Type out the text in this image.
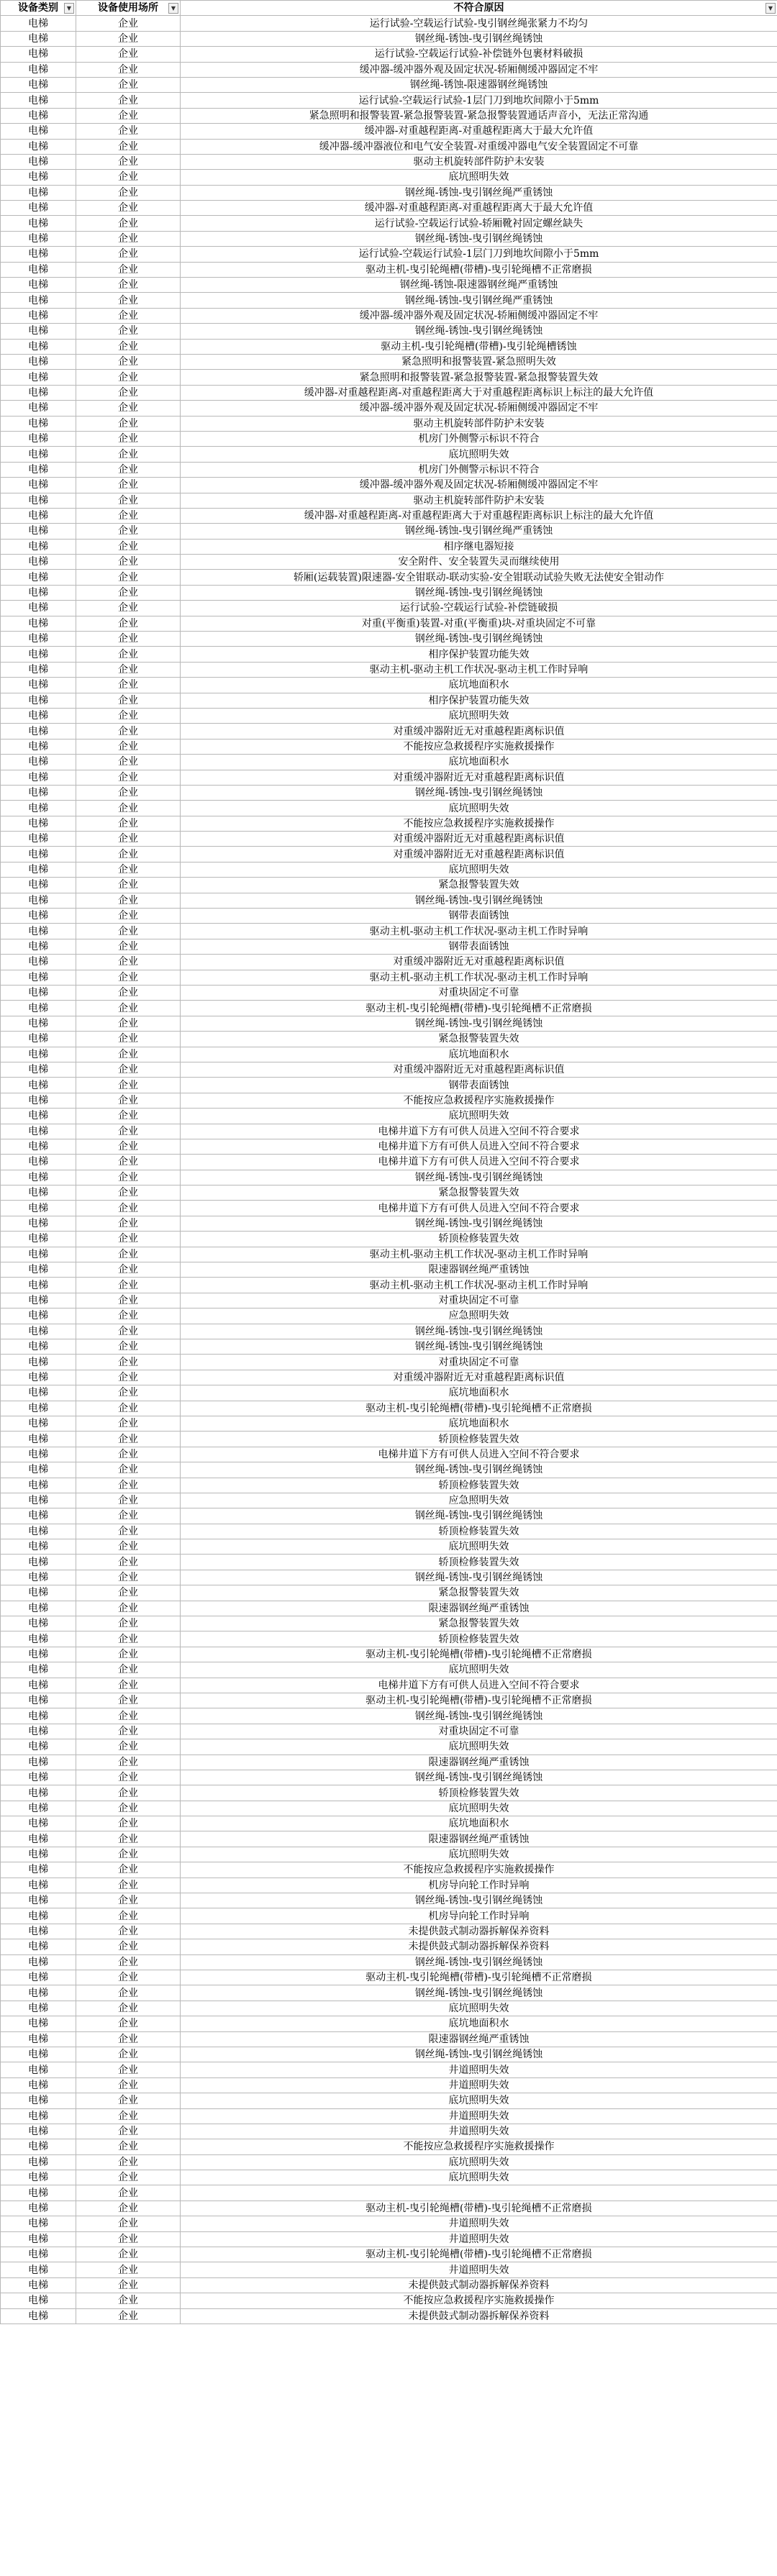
设备类别 ▼	设备使用场所 ▼	不符合原因 ▼

电梯	企业	运行试验-空载运行试验-曳引钢丝绳张紧力不均匀
电梯	企业	钢丝绳-锈蚀-曳引钢丝绳锈蚀
电梯	企业	运行试验-空载运行试验-补偿链外包裹材料破损
电梯	企业	缓冲器-缓冲器外观及固定状况-轿厢侧缓冲器固定不牢
电梯	企业	钢丝绳-锈蚀-限速器钢丝绳锈蚀
电梯	企业	运行试验-空载运行试验-1层门刀到地坎间隙小于5mm
电梯	企业	紧急照明和报警装置-紧急报警装置-紧急报警装置通话声音小，无法正常沟通
电梯	企业	缓冲器-对重越程距离-对重越程距离大于最大允许值
电梯	企业	缓冲器-缓冲器液位和电气安全装置-对重缓冲器电气安全装置固定不可靠
电梯	企业	驱动主机旋转部件防护未安装
电梯	企业	底坑照明失效
电梯	企业	钢丝绳-锈蚀-曳引钢丝绳严重锈蚀
电梯	企业	缓冲器-对重越程距离-对重越程距离大于最大允许值
电梯	企业	运行试验-空载运行试验-轿厢靴衬固定螺丝缺失
电梯	企业	钢丝绳-锈蚀-曳引钢丝绳锈蚀
电梯	企业	运行试验-空载运行试验-1层门刀到地坎间隙小于5mm
电梯	企业	驱动主机-曳引轮绳槽(带槽)-曳引轮绳槽不正常磨损
电梯	企业	钢丝绳-锈蚀-限速器钢丝绳严重锈蚀
电梯	企业	钢丝绳-锈蚀-曳引钢丝绳严重锈蚀
电梯	企业	缓冲器-缓冲器外观及固定状况-轿厢侧缓冲器固定不牢
电梯	企业	钢丝绳-锈蚀-曳引钢丝绳锈蚀
电梯	企业	驱动主机-曳引轮绳槽(带槽)-曳引轮绳槽锈蚀
电梯	企业	紧急照明和报警装置-紧急照明失效
电梯	企业	紧急照明和报警装置-紧急报警装置-紧急报警装置失效
电梯	企业	缓冲器-对重越程距离-对重越程距离大于对重越程距离标识上标注的最大允许值
电梯	企业	缓冲器-缓冲器外观及固定状况-轿厢侧缓冲器固定不牢
电梯	企业	驱动主机旋转部件防护未安装
电梯	企业	机房门外侧警示标识不符合
电梯	企业	底坑照明失效
电梯	企业	机房门外侧警示标识不符合
电梯	企业	缓冲器-缓冲器外观及固定状况-轿厢侧缓冲器固定不牢
电梯	企业	驱动主机旋转部件防护未安装
电梯	企业	缓冲器-对重越程距离-对重越程距离大于对重越程距离标识上标注的最大允许值
电梯	企业	钢丝绳-锈蚀-曳引钢丝绳严重锈蚀
电梯	企业	相序继电器短接
电梯	企业	安全附件、安全装置失灵而继续使用
电梯	企业	轿厢(运载装置)限速器-安全钳联动-联动实验-安全钳联动试验失败无法使安全钳动作
电梯	企业	钢丝绳-锈蚀-曳引钢丝绳锈蚀
电梯	企业	运行试验-空载运行试验-补偿链破损
电梯	企业	对重(平衡重)装置-对重(平衡重)块-对重块固定不可靠
电梯	企业	钢丝绳-锈蚀-曳引钢丝绳锈蚀
电梯	企业	相序保护装置功能失效
电梯	企业	驱动主机-驱动主机工作状况-驱动主机工作时异响
电梯	企业	底坑地面积水
电梯	企业	相序保护装置功能失效
电梯	企业	底坑照明失效
电梯	企业	对重缓冲器附近无对重越程距离标识值
电梯	企业	不能按应急救援程序实施救援操作
电梯	企业	底坑地面积水
电梯	企业	对重缓冲器附近无对重越程距离标识值
电梯	企业	钢丝绳-锈蚀-曳引钢丝绳锈蚀
电梯	企业	底坑照明失效
电梯	企业	不能按应急救援程序实施救援操作
电梯	企业	对重缓冲器附近无对重越程距离标识值
电梯	企业	对重缓冲器附近无对重越程距离标识值
电梯	企业	底坑照明失效
电梯	企业	紧急报警装置失效
电梯	企业	钢丝绳-锈蚀-曳引钢丝绳锈蚀
电梯	企业	钢带表面锈蚀
电梯	企业	驱动主机-驱动主机工作状况-驱动主机工作时异响
电梯	企业	钢带表面锈蚀
电梯	企业	对重缓冲器附近无对重越程距离标识值
电梯	企业	驱动主机-驱动主机工作状况-驱动主机工作时异响
电梯	企业	对重块固定不可靠
电梯	企业	驱动主机-曳引轮绳槽(带槽)-曳引轮绳槽不正常磨损
电梯	企业	钢丝绳-锈蚀-曳引钢丝绳锈蚀
电梯	企业	紧急报警装置失效
电梯	企业	底坑地面积水
电梯	企业	对重缓冲器附近无对重越程距离标识值
电梯	企业	钢带表面锈蚀
电梯	企业	不能按应急救援程序实施救援操作
电梯	企业	底坑照明失效
电梯	企业	电梯井道下方有可供人员进入空间不符合要求
电梯	企业	电梯井道下方有可供人员进入空间不符合要求
电梯	企业	电梯井道下方有可供人员进入空间不符合要求
电梯	企业	钢丝绳-锈蚀-曳引钢丝绳锈蚀
电梯	企业	紧急报警装置失效
电梯	企业	电梯井道下方有可供人员进入空间不符合要求
电梯	企业	钢丝绳-锈蚀-曳引钢丝绳锈蚀
电梯	企业	轿顶检修装置失效
电梯	企业	驱动主机-驱动主机工作状况-驱动主机工作时异响
电梯	企业	限速器钢丝绳严重锈蚀
电梯	企业	驱动主机-驱动主机工作状况-驱动主机工作时异响
电梯	企业	对重块固定不可靠
电梯	企业	应急照明失效
电梯	企业	钢丝绳-锈蚀-曳引钢丝绳锈蚀
电梯	企业	钢丝绳-锈蚀-曳引钢丝绳锈蚀
电梯	企业	对重块固定不可靠
电梯	企业	对重缓冲器附近无对重越程距离标识值
电梯	企业	底坑地面积水
电梯	企业	驱动主机-曳引轮绳槽(带槽)-曳引轮绳槽不正常磨损
电梯	企业	底坑地面积水
电梯	企业	轿顶检修装置失效
电梯	企业	电梯井道下方有可供人员进入空间不符合要求
电梯	企业	钢丝绳-锈蚀-曳引钢丝绳锈蚀
电梯	企业	轿顶检修装置失效
电梯	企业	应急照明失效
电梯	企业	钢丝绳-锈蚀-曳引钢丝绳锈蚀
电梯	企业	轿顶检修装置失效
电梯	企业	底坑照明失效
电梯	企业	轿顶检修装置失效
电梯	企业	钢丝绳-锈蚀-曳引钢丝绳锈蚀
电梯	企业	紧急报警装置失效
电梯	企业	限速器钢丝绳严重锈蚀
电梯	企业	紧急报警装置失效
电梯	企业	轿顶检修装置失效
电梯	企业	驱动主机-曳引轮绳槽(带槽)-曳引轮绳槽不正常磨损
电梯	企业	底坑照明失效
电梯	企业	电梯井道下方有可供人员进入空间不符合要求
电梯	企业	驱动主机-曳引轮绳槽(带槽)-曳引轮绳槽不正常磨损
电梯	企业	钢丝绳-锈蚀-曳引钢丝绳锈蚀
电梯	企业	对重块固定不可靠
电梯	企业	底坑照明失效
电梯	企业	限速器钢丝绳严重锈蚀
电梯	企业	钢丝绳-锈蚀-曳引钢丝绳锈蚀
电梯	企业	轿顶检修装置失效
电梯	企业	底坑照明失效
电梯	企业	底坑地面积水
电梯	企业	限速器钢丝绳严重锈蚀
电梯	企业	底坑照明失效
电梯	企业	不能按应急救援程序实施救援操作
电梯	企业	机房导向轮工作时异响
电梯	企业	钢丝绳-锈蚀-曳引钢丝绳锈蚀
电梯	企业	机房导向轮工作时异响
电梯	企业	未提供鼓式制动器拆解保养资料
电梯	企业	未提供鼓式制动器拆解保养资料
电梯	企业	钢丝绳-锈蚀-曳引钢丝绳锈蚀
电梯	企业	驱动主机-曳引轮绳槽(带槽)-曳引轮绳槽不正常磨损
电梯	企业	钢丝绳-锈蚀-曳引钢丝绳锈蚀
电梯	企业	底坑照明失效
电梯	企业	底坑地面积水
电梯	企业	限速器钢丝绳严重锈蚀
电梯	企业	钢丝绳-锈蚀-曳引钢丝绳锈蚀
电梯	企业	井道照明失效
电梯	企业	井道照明失效
电梯	企业	底坑照明失效
电梯	企业	井道照明失效
电梯	企业	井道照明失效
电梯	企业	不能按应急救援程序实施救援操作
电梯	企业	底坑照明失效
电梯	企业	底坑照明失效
电梯	企业	
电梯	企业	驱动主机-曳引轮绳槽(带槽)-曳引轮绳槽不正常磨损
电梯	企业	井道照明失效
电梯	企业	井道照明失效
电梯	企业	驱动主机-曳引轮绳槽(带槽)-曳引轮绳槽不正常磨损
电梯	企业	井道照明失效
电梯	企业	未提供鼓式制动器拆解保养资料
电梯	企业	不能按应急救援程序实施救援操作
电梯	企业	未提供鼓式制动器拆解保养资料
